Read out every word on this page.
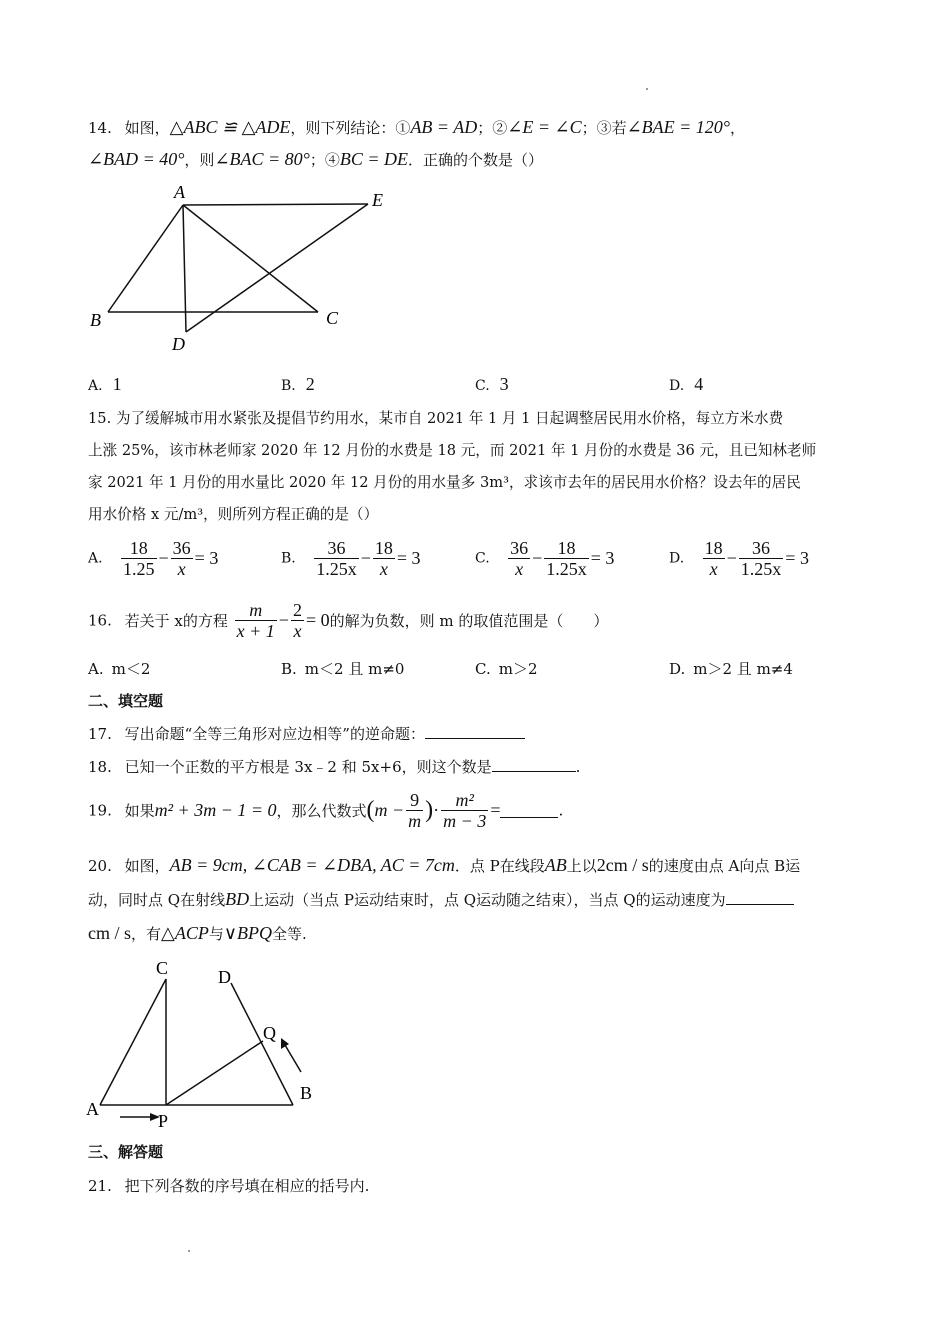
14. 如图，△ABC ≌ △ADE，则下列结论：①AB = AD；②∠E = ∠C；③若∠BAE = 120°，
∠BAD = 40°，则∠BAC = 80°；④BC = DE．正确的个数是（）
A	E
B	C
D
A. 1	B. 2	C. 3	D. 4
15. 为了缓解城市用水紧张及提倡节约用水，某市自 2021 年 1 月 1 日起调整居民用水价格，每立方米水费
上涨 25%，该市林老师家 2020 年 12 月份的水费是 18 元，而 2021 年 1 月份的水费是 36 元，且已知林老师
家 2021 年 1 月份的用水量比 2020 年 12 月份的用水量多 3m³，求该市去年的居民用水价格？设去年的居民
用水价格 x 元/m³，则所列方程正确的是（）
A. $\frac{18}{1.25} - \frac{36}{x} = 3$	B. $\frac{36}{1.25x} - \frac{18}{x} = 3$	C. $\frac{36}{x} - \frac{18}{1.25x} = 3$	D. $\frac{18}{x} - \frac{36}{1.25x} = 3$
16. 若关于 x的方程 $\frac{m}{x + 1} - \frac{2}{x} = 0$的解为负数，则 m 的取值范围是（　　）
A. m＜2	B. m＜2 且 m≠0	C. m＞2	D. m＞2 且 m≠4
二、填空题
17. 写出命题“全等三角形对应边相等”的逆命题：
18. 已知一个正数的平方根是 3x﹣2 和 5x+6，则这个数是	.
19. 如果m² + 3m − 1 = 0，那么代数式($m - \frac{9}{m}$ )· $\frac{\text{m²}}{m - 3}$ =	.
20. 如图，AB = 9cm, ∠CAB = ∠DBA, AC = 7cm．点 P在线段AB上以2cm / s的速度由点 A向点 B运
动，同时点 Q在射线BD上运动（当点 P运动结束时，点 Q运动随之结束），当点 Q的运动速度为
cm / s，有△ACP与∨BPQ全等.
C	D
Q
A
P
B
三、解答题
21. 把下列各数的序号填在相应的括号内.
